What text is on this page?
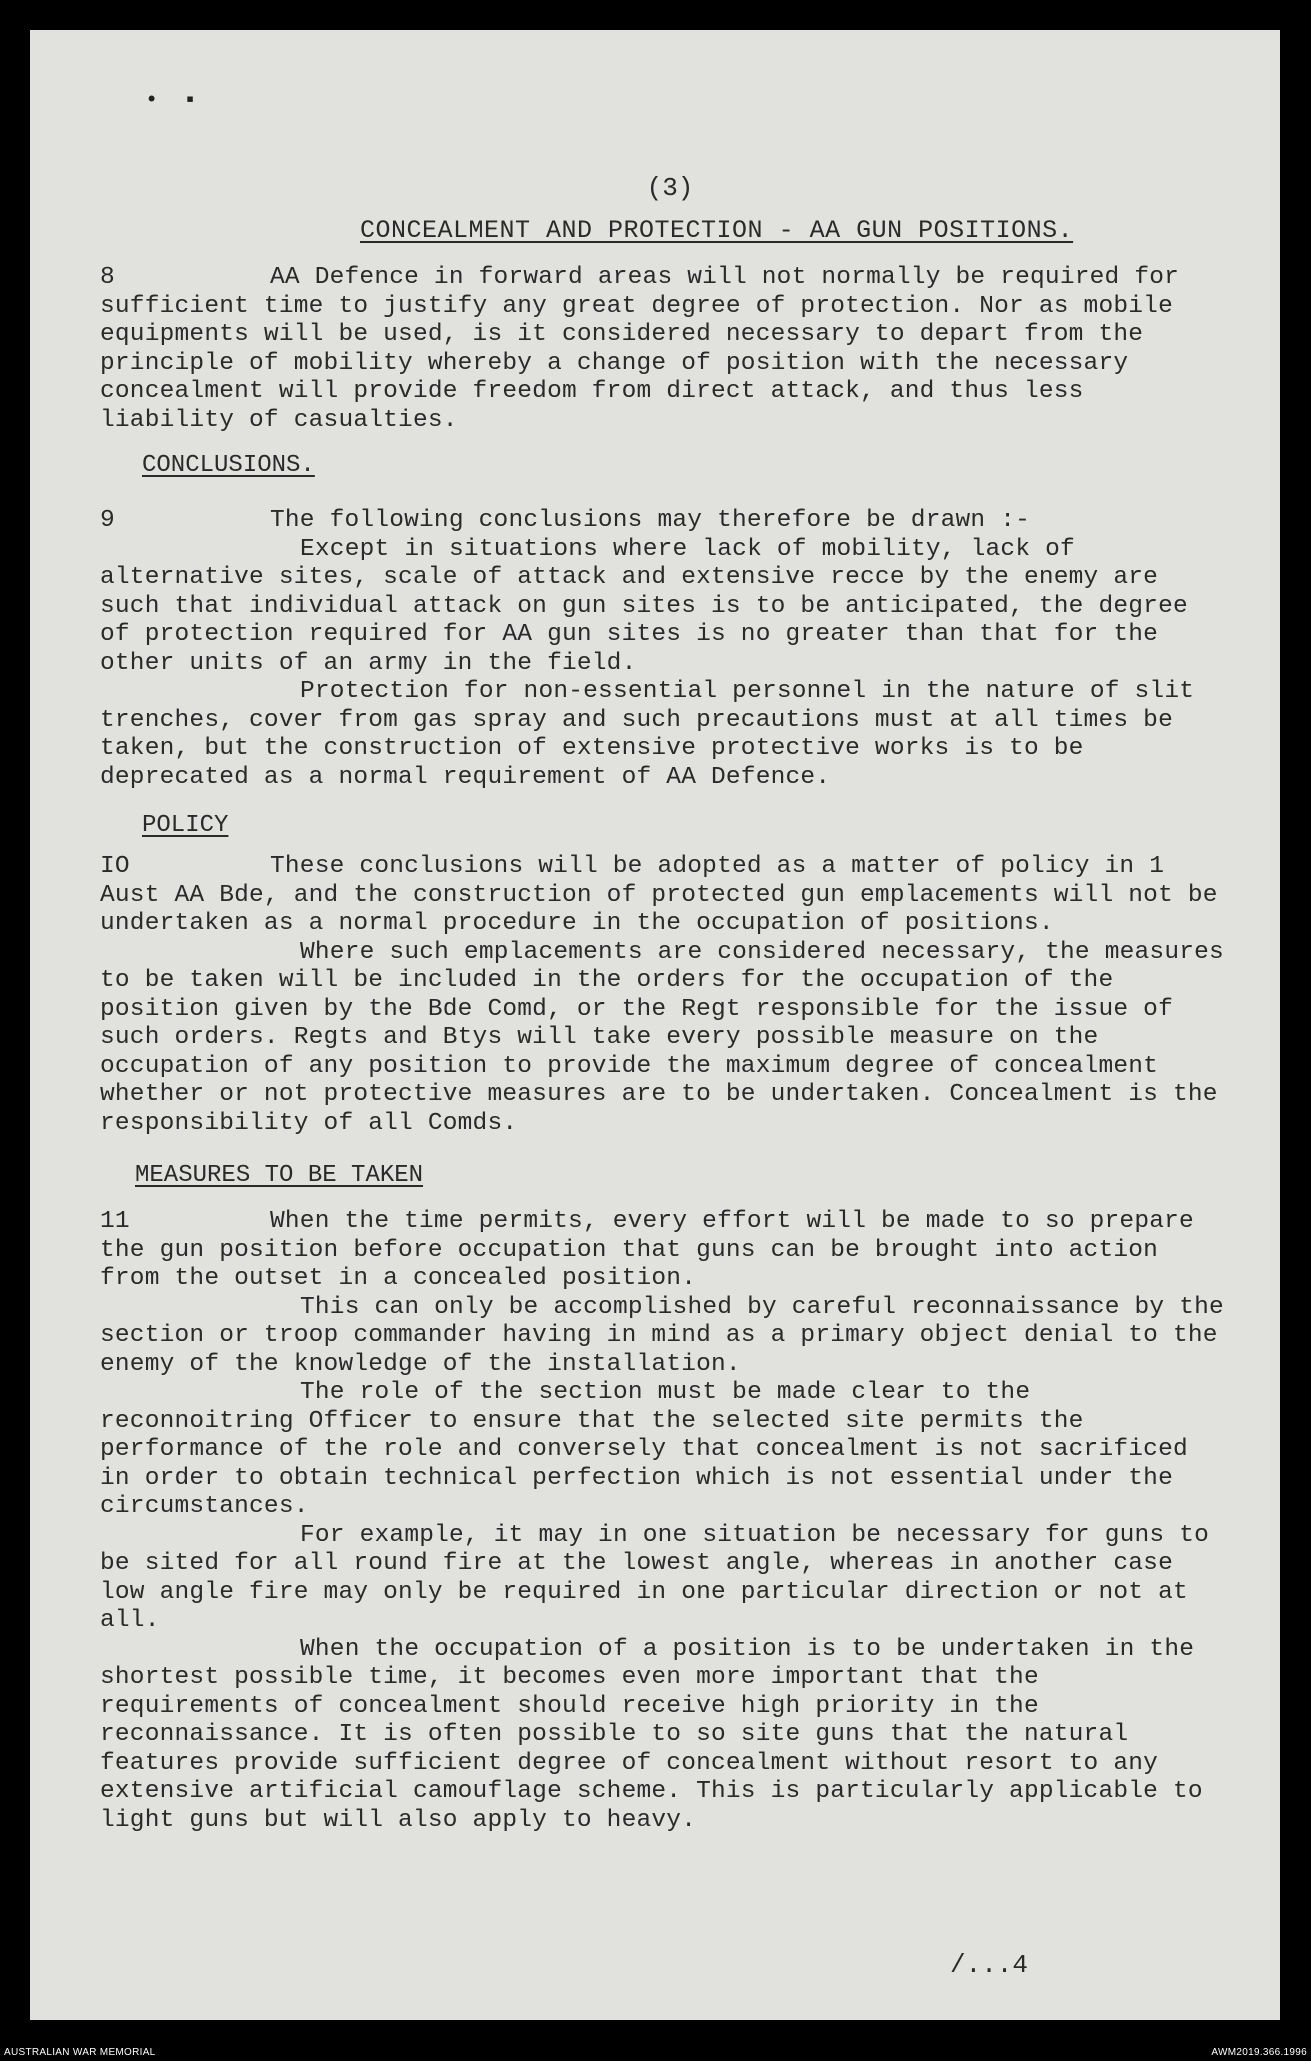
• ▪
(3)
CONCEALMENT AND PROTECTION - AA GUN POSITIONS.

8	AA Defence in forward areas will not normally be required for sufficient time to justify any great degree of protection. Nor as mobile equipments will be used, is it considered necessary to depart from the principle of mobility whereby a change of position with the necessary concealment will provide freedom from direct attack, and thus less liability of casualties.

CONCLUSIONS.

9	The following conclusions may therefore be drawn :-

Except in situations where lack of mobility, lack of alternative sites, scale of attack and extensive recce by the enemy are such that individual attack on gun sites is to be anticipated, the degree of protection required for AA gun sites is no greater than that for the other units of an army in the field.

Protection for non-essential personnel in the nature of slit trenches, cover from gas spray and such precautions must at all times be taken, but the construction of extensive protective works is to be deprecated as a normal requirement of AA Defence.

POLICY

IO	These conclusions will be adopted as a matter of policy in 1 Aust AA Bde, and the construction of protected gun emplacements will not be undertaken as a normal procedure in the occupation of positions.

Where such emplacements are considered necessary, the measures to be taken will be included in the orders for the occupation of the position given by the Bde Comd, or the Regt responsible for the issue of such orders. Regts and Btys will take every possible measure on the occupation of any position to provide the maximum degree of concealment whether or not protective measures are to be undertaken. Concealment is the responsibility of all Comds.

MEASURES TO BE TAKEN

11	When the time permits, every effort will be made to so prepare the gun position before occupation that guns can be brought into action from the outset in a concealed position.

This can only be accomplished by careful reconnaissance by the section or troop commander having in mind as a primary object denial to the enemy of the knowledge of the installation.

The role of the section must be made clear to the reconnoitring Officer to ensure that the selected site permits the performance of the role and conversely that concealment is not sacrificed in order to obtain technical perfection which is not essential under the circumstances.

For example, it may in one situation be necessary for guns to be sited for all round fire at the lowest angle, whereas in another case low angle fire may only be required in one particular direction or not at all.

When the occupation of a position is to be undertaken in the shortest possible time, it becomes even more important that the requirements of concealment should receive high priority in the reconnaissance. It is often possible to so site guns that the natural features provide sufficient degree of concealment without resort to any extensive artificial camouflage scheme. This is particularly applicable to light guns but will also apply to heavy.

/...4
AUSTRALIAN WAR MEMORIAL	AWM2019.366.1996
